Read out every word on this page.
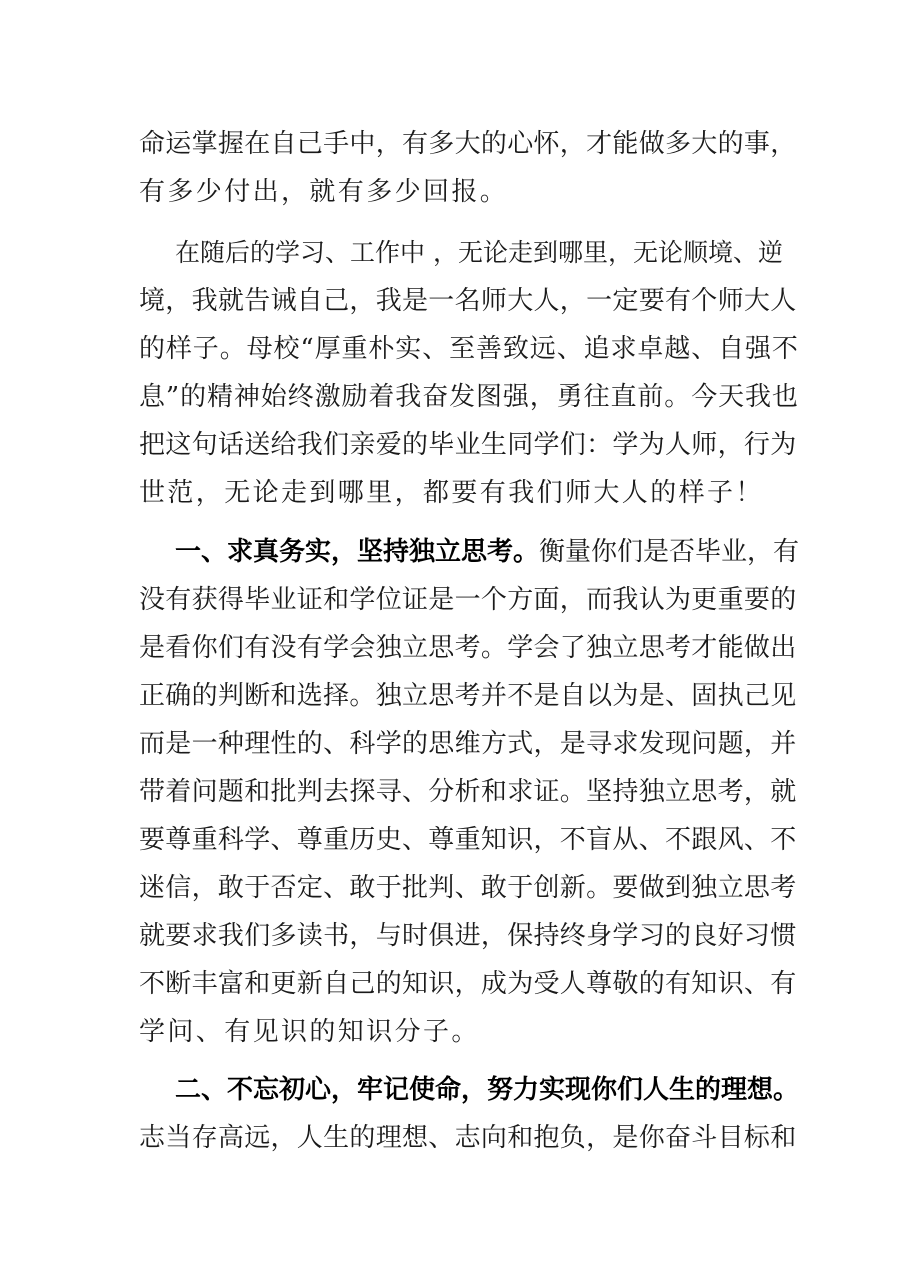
命运掌握在自己手中，有多大的心怀，才能做多大的事，
有多少付出，就有多少回报。
在随后的学习、工作中 ，无论走到哪里，无论顺境、逆
境，我就告诫自己，我是一名师大人，一定要有个师大人
的样子。母校“厚重朴实、至善致远、追求卓越、自强不
息”的精神始终激励着我奋发图强，勇往直前。今天我也
把这句话送给我们亲爱的毕业生同学们：学为人师，行为
世范，无论走到哪里，都要有我们师大人的样子！
一、求真务实，坚持独立思考。衡量你们是否毕业，有
没有获得毕业证和学位证是一个方面，而我认为更重要的
是看你们有没有学会独立思考。学会了独立思考才能做出
正确的判断和选择。独立思考并不是自以为是、固执己见
而是一种理性的、科学的思维方式，是寻求发现问题，并
带着问题和批判去探寻、分析和求证。坚持独立思考，就
要尊重科学、尊重历史、尊重知识，不盲从、不跟风、不
迷信，敢于否定、敢于批判、敢于创新。要做到独立思考
就要求我们多读书，与时俱进，保持终身学习的良好习惯
不断丰富和更新自己的知识，成为受人尊敬的有知识、有
学问、有见识的知识分子。
二、不忘初心，牢记使命，努力实现你们人生的理想。
志当存高远，人生的理想、志向和抱负，是你奋斗目标和
